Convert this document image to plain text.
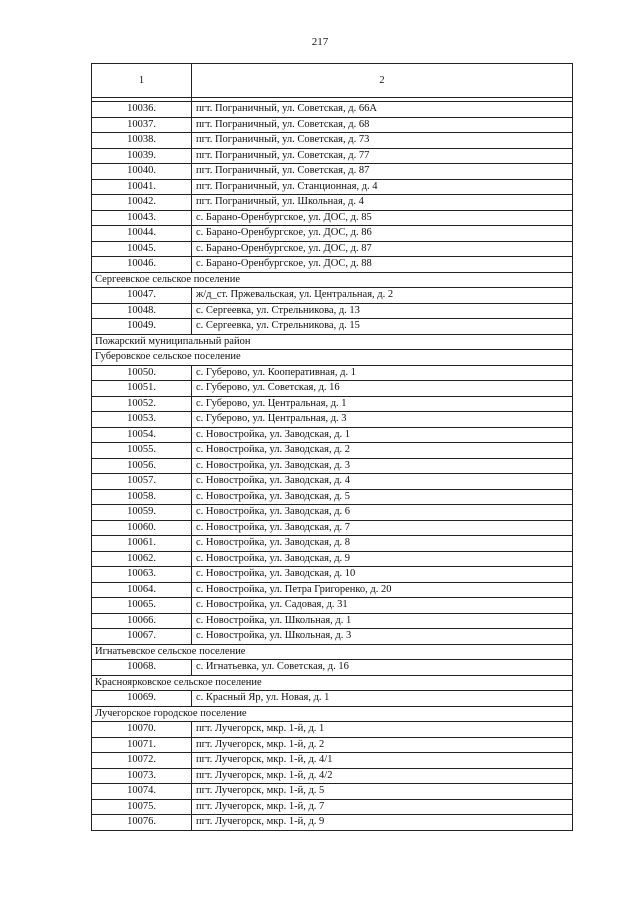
217
1	2

10036.	пгт. Пограничный, ул. Советская, д. 66А
10037.	пгт. Пограничный, ул. Советская, д. 68
10038.	пгт. Пограничный, ул. Советская, д. 73
10039.	пгт. Пограничный, ул. Советская, д. 77
10040.	пгт. Пограничный, ул. Советская, д. 87
10041.	пгт. Пограничный, ул. Станционная, д. 4
10042.	пгт. Пограничный, ул. Школьная, д. 4
10043.	с. Барано-Оренбургское, ул. ДОС, д. 85
10044.	с. Барано-Оренбургское, ул. ДОС, д. 86
10045.	с. Барано-Оренбургское, ул. ДОС, д. 87
10046.	с. Барано-Оренбургское, ул. ДОС, д. 88
Сергеевское сельское поселение	
10047.	ж/д_ст. Пржевальская, ул. Центральная, д. 2
10048.	с. Сергеевка, ул. Стрельникова, д. 13
10049.	с. Сергеевка, ул. Стрельникова, д. 15
Пожарский муниципальный район	
Губеровское сельское поселение	
10050.	с. Губерово, ул. Кооперативная, д. 1
10051.	с. Губерово, ул. Советская, д. 16
10052.	с. Губерово, ул. Центральная, д. 1
10053.	с. Губерово, ул. Центральная, д. 3
10054.	с. Новостройка, ул. Заводская, д. 1
10055.	с. Новостройка, ул. Заводская, д. 2
10056.	с. Новостройка, ул. Заводская, д. 3
10057.	с. Новостройка, ул. Заводская, д. 4
10058.	с. Новостройка, ул. Заводская, д. 5
10059.	с. Новостройка, ул. Заводская, д. 6
10060.	с. Новостройка, ул. Заводская, д. 7
10061.	с. Новостройка, ул. Заводская, д. 8
10062.	с. Новостройка, ул. Заводская, д. 9
10063.	с. Новостройка, ул. Заводская, д. 10
10064.	с. Новостройка, ул. Петра Григоренко, д. 20
10065.	с. Новостройка, ул. Садовая, д. 31
10066.	с. Новостройка, ул. Школьная, д. 1
10067.	с. Новостройка, ул. Школьная, д. 3
Игнатьевское сельское поселение	
10068.	с. Игнатьевка, ул. Советская, д. 16
Красноярковское сельское поселение	
10069.	с. Красный Яр, ул. Новая, д. 1
Лучегорское городское поселение	
10070.	пгт. Лучегорск, мкр. 1-й, д. 1
10071.	пгт. Лучегорск, мкр. 1-й, д. 2
10072.	пгт. Лучегорск, мкр. 1-й, д. 4/1
10073.	пгт. Лучегорск, мкр. 1-й, д. 4/2
10074.	пгт. Лучегорск, мкр. 1-й, д. 5
10075.	пгт. Лучегорск, мкр. 1-й, д. 7
10076.	пгт. Лучегорск, мкр. 1-й, д. 9
